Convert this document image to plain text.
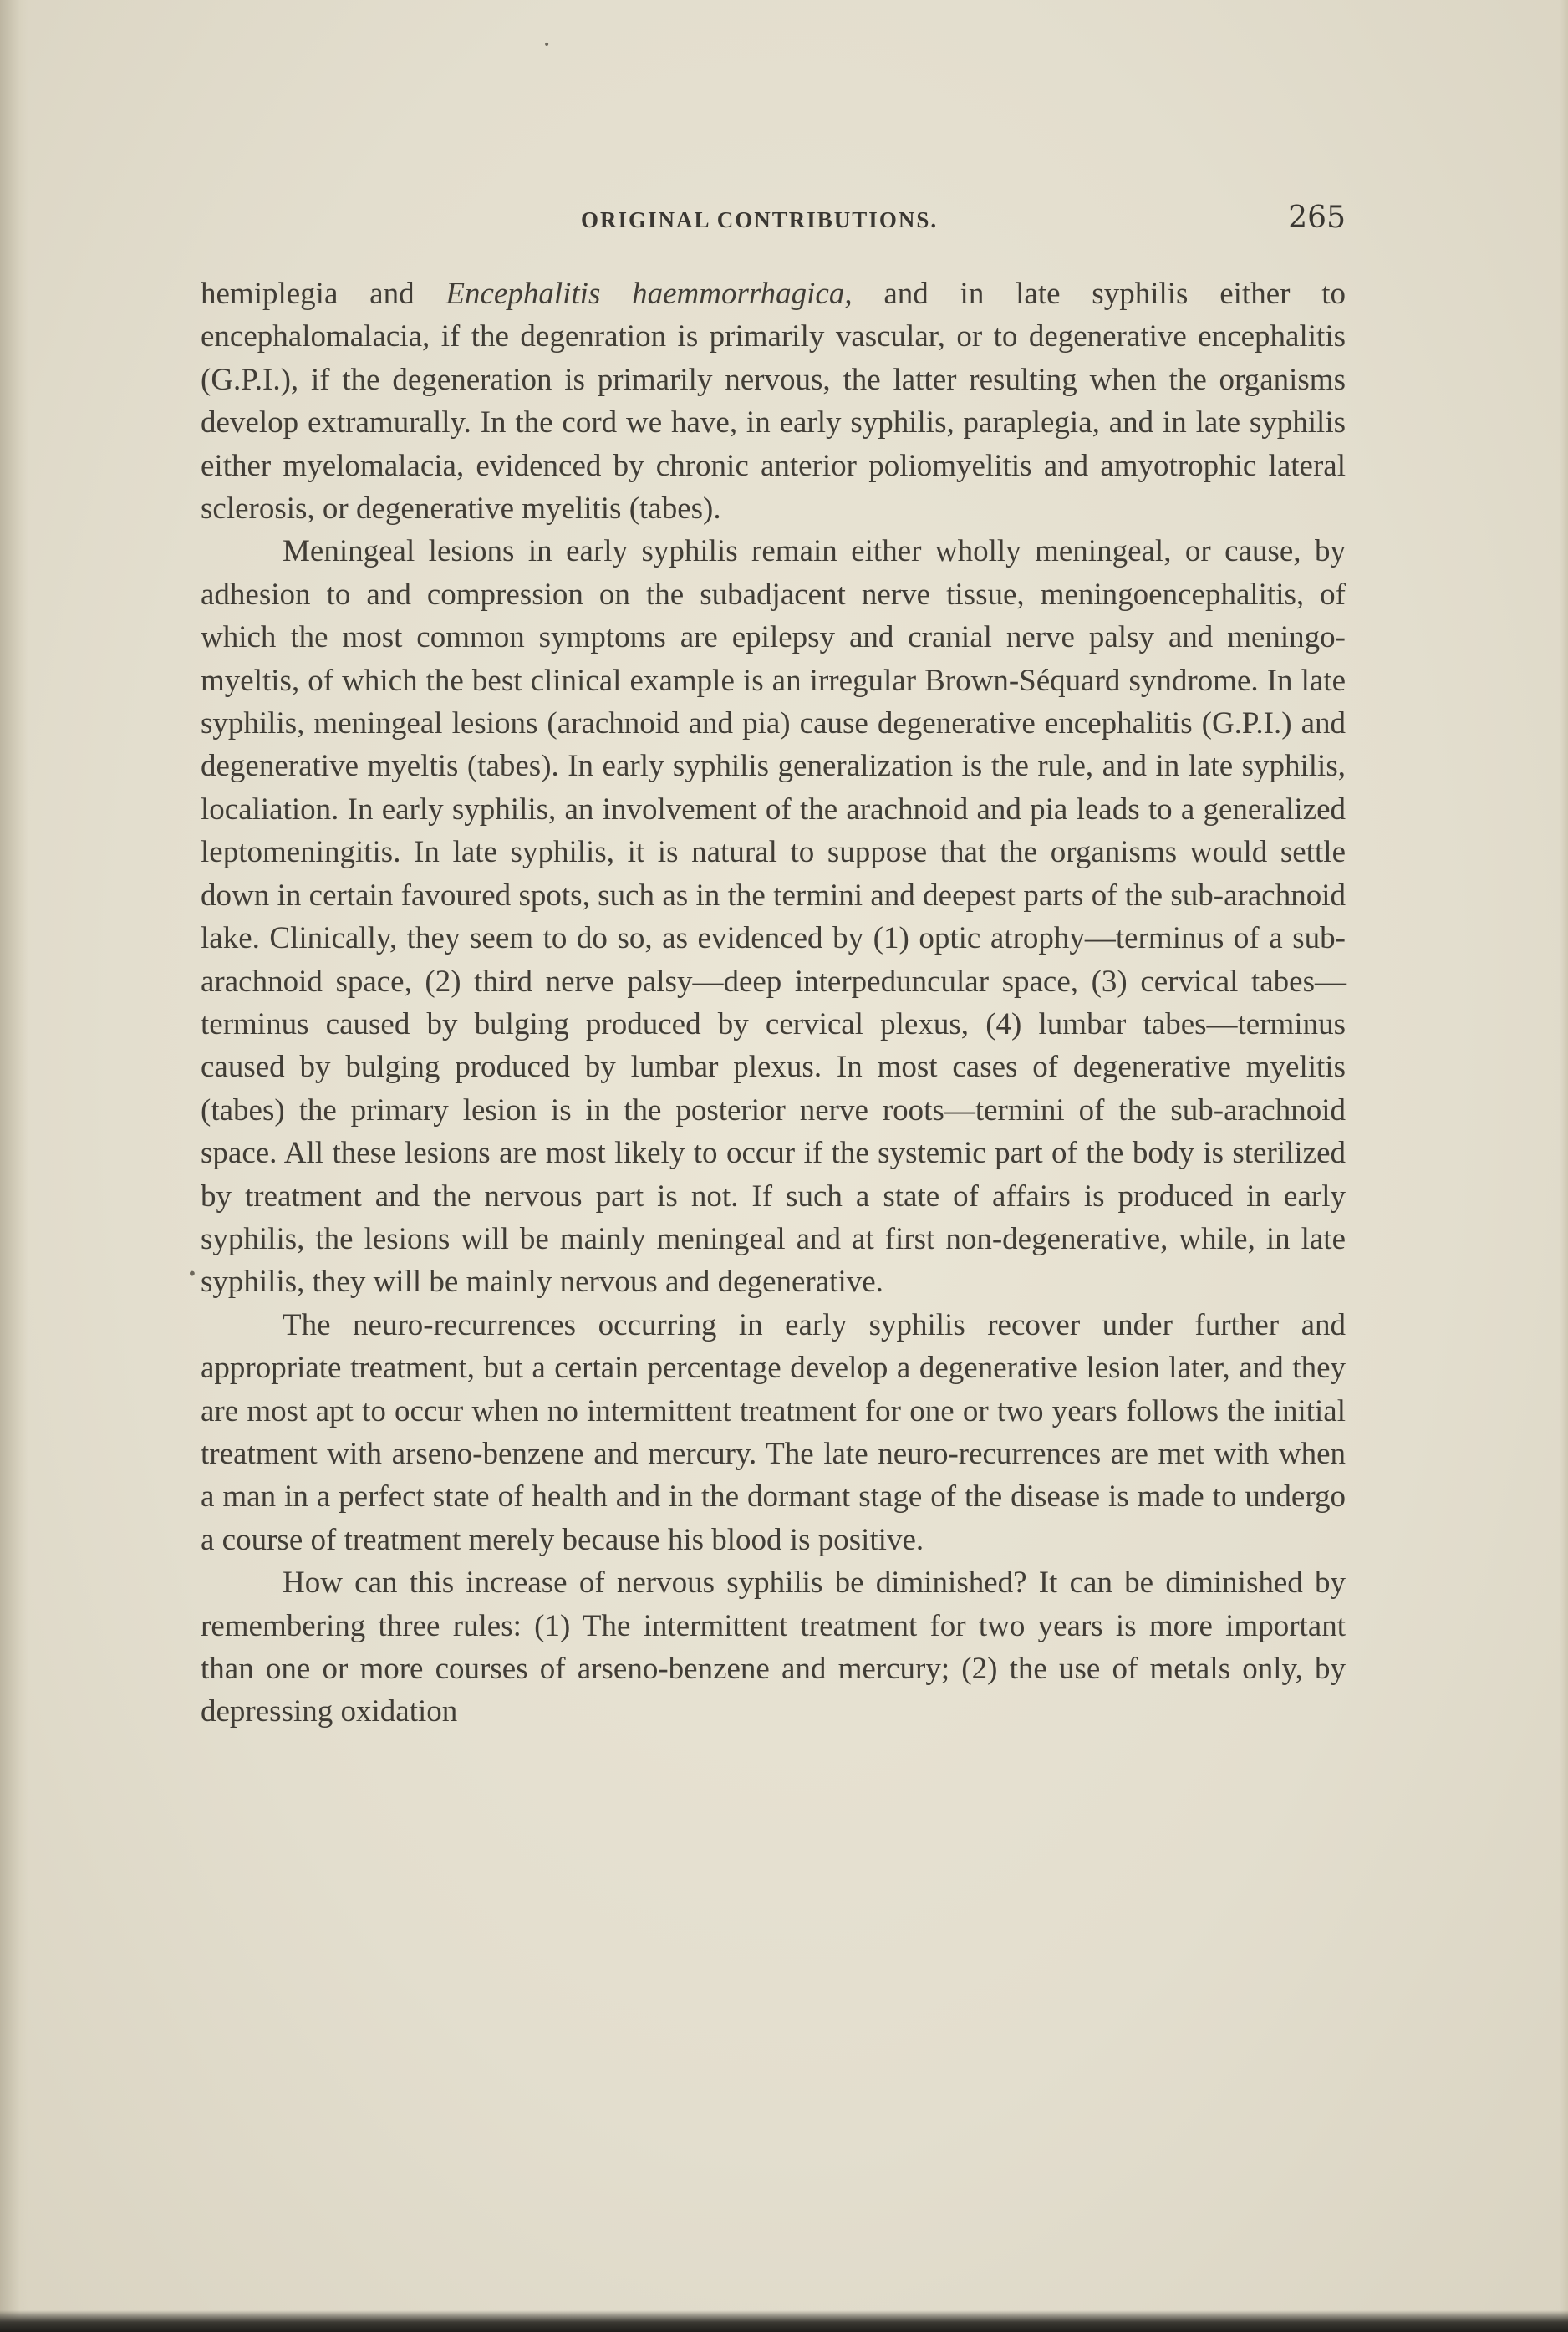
•
•
ORIGINAL CONTRIBUTIONS.	265

hemiplegia and Encephalitis haemmorrhagica, and in late syphilis either to encephalomalacia, if the degenration is primarily vascular, or to degenerative encephalitis (G.P.I.), if the degeneration is primarily nervous, the latter resulting when the organisms develop extramurally. In the cord we have, in early syphilis, paraplegia, and in late syphilis either myelomalacia, evidenced by chronic anterior poliomyelitis and amyotrophic lateral sclerosis, or degenerative myelitis (tabes).

Meningeal lesions in early syphilis remain either wholly meningeal, or cause, by adhesion to and compression on the subadjacent nerve tissue, meningoencephalitis, of which the most common symptoms are epilepsy and cranial nerve palsy and meningo-myeltis, of which the best clinical example is an irregular Brown-Séquard syndrome. In late syphilis, meningeal lesions (arachnoid and pia) cause degenerative encephalitis (G.P.I.) and degenerative myeltis (tabes). In early syphilis generalization is the rule, and in late syphilis, localiation. In early syphilis, an involvement of the arachnoid and pia leads to a generalized leptomeningitis. In late syphilis, it is natural to suppose that the organisms would settle down in certain favoured spots, such as in the termini and deepest parts of the sub-arachnoid lake. Clinically, they seem to do so, as evidenced by (1) optic atrophy—terminus of a sub-arachnoid space, (2) third nerve palsy—deep interpeduncular space, (3) cervical tabes—terminus caused by bulging produced by cervical plexus, (4) lumbar tabes—terminus caused by bulging produced by lumbar plexus. In most cases of degenerative myelitis (tabes) the primary lesion is in the posterior nerve roots—termini of the sub-arachnoid space. All these lesions are most likely to occur if the systemic part of the body is sterilized by treatment and the nervous part is not. If such a state of affairs is produced in early syphilis, the lesions will be mainly meningeal and at first non-degenerative, while, in late syphilis, they will be mainly nervous and degenerative.

The neuro-recurrences occurring in early syphilis recover under further and appropriate treatment, but a certain percentage develop a degenerative lesion later, and they are most apt to occur when no intermittent treatment for one or two years follows the initial treatment with arseno-benzene and mercury. The late neuro-recurrences are met with when a man in a perfect state of health and in the dormant stage of the disease is made to undergo a course of treatment merely because his blood is positive.

How can this increase of nervous syphilis be diminished? It can be diminished by remembering three rules: (1) The intermittent treatment for two years is more important than one or more courses of arseno-benzene and mercury; (2) the use of metals only, by depressing oxidation
